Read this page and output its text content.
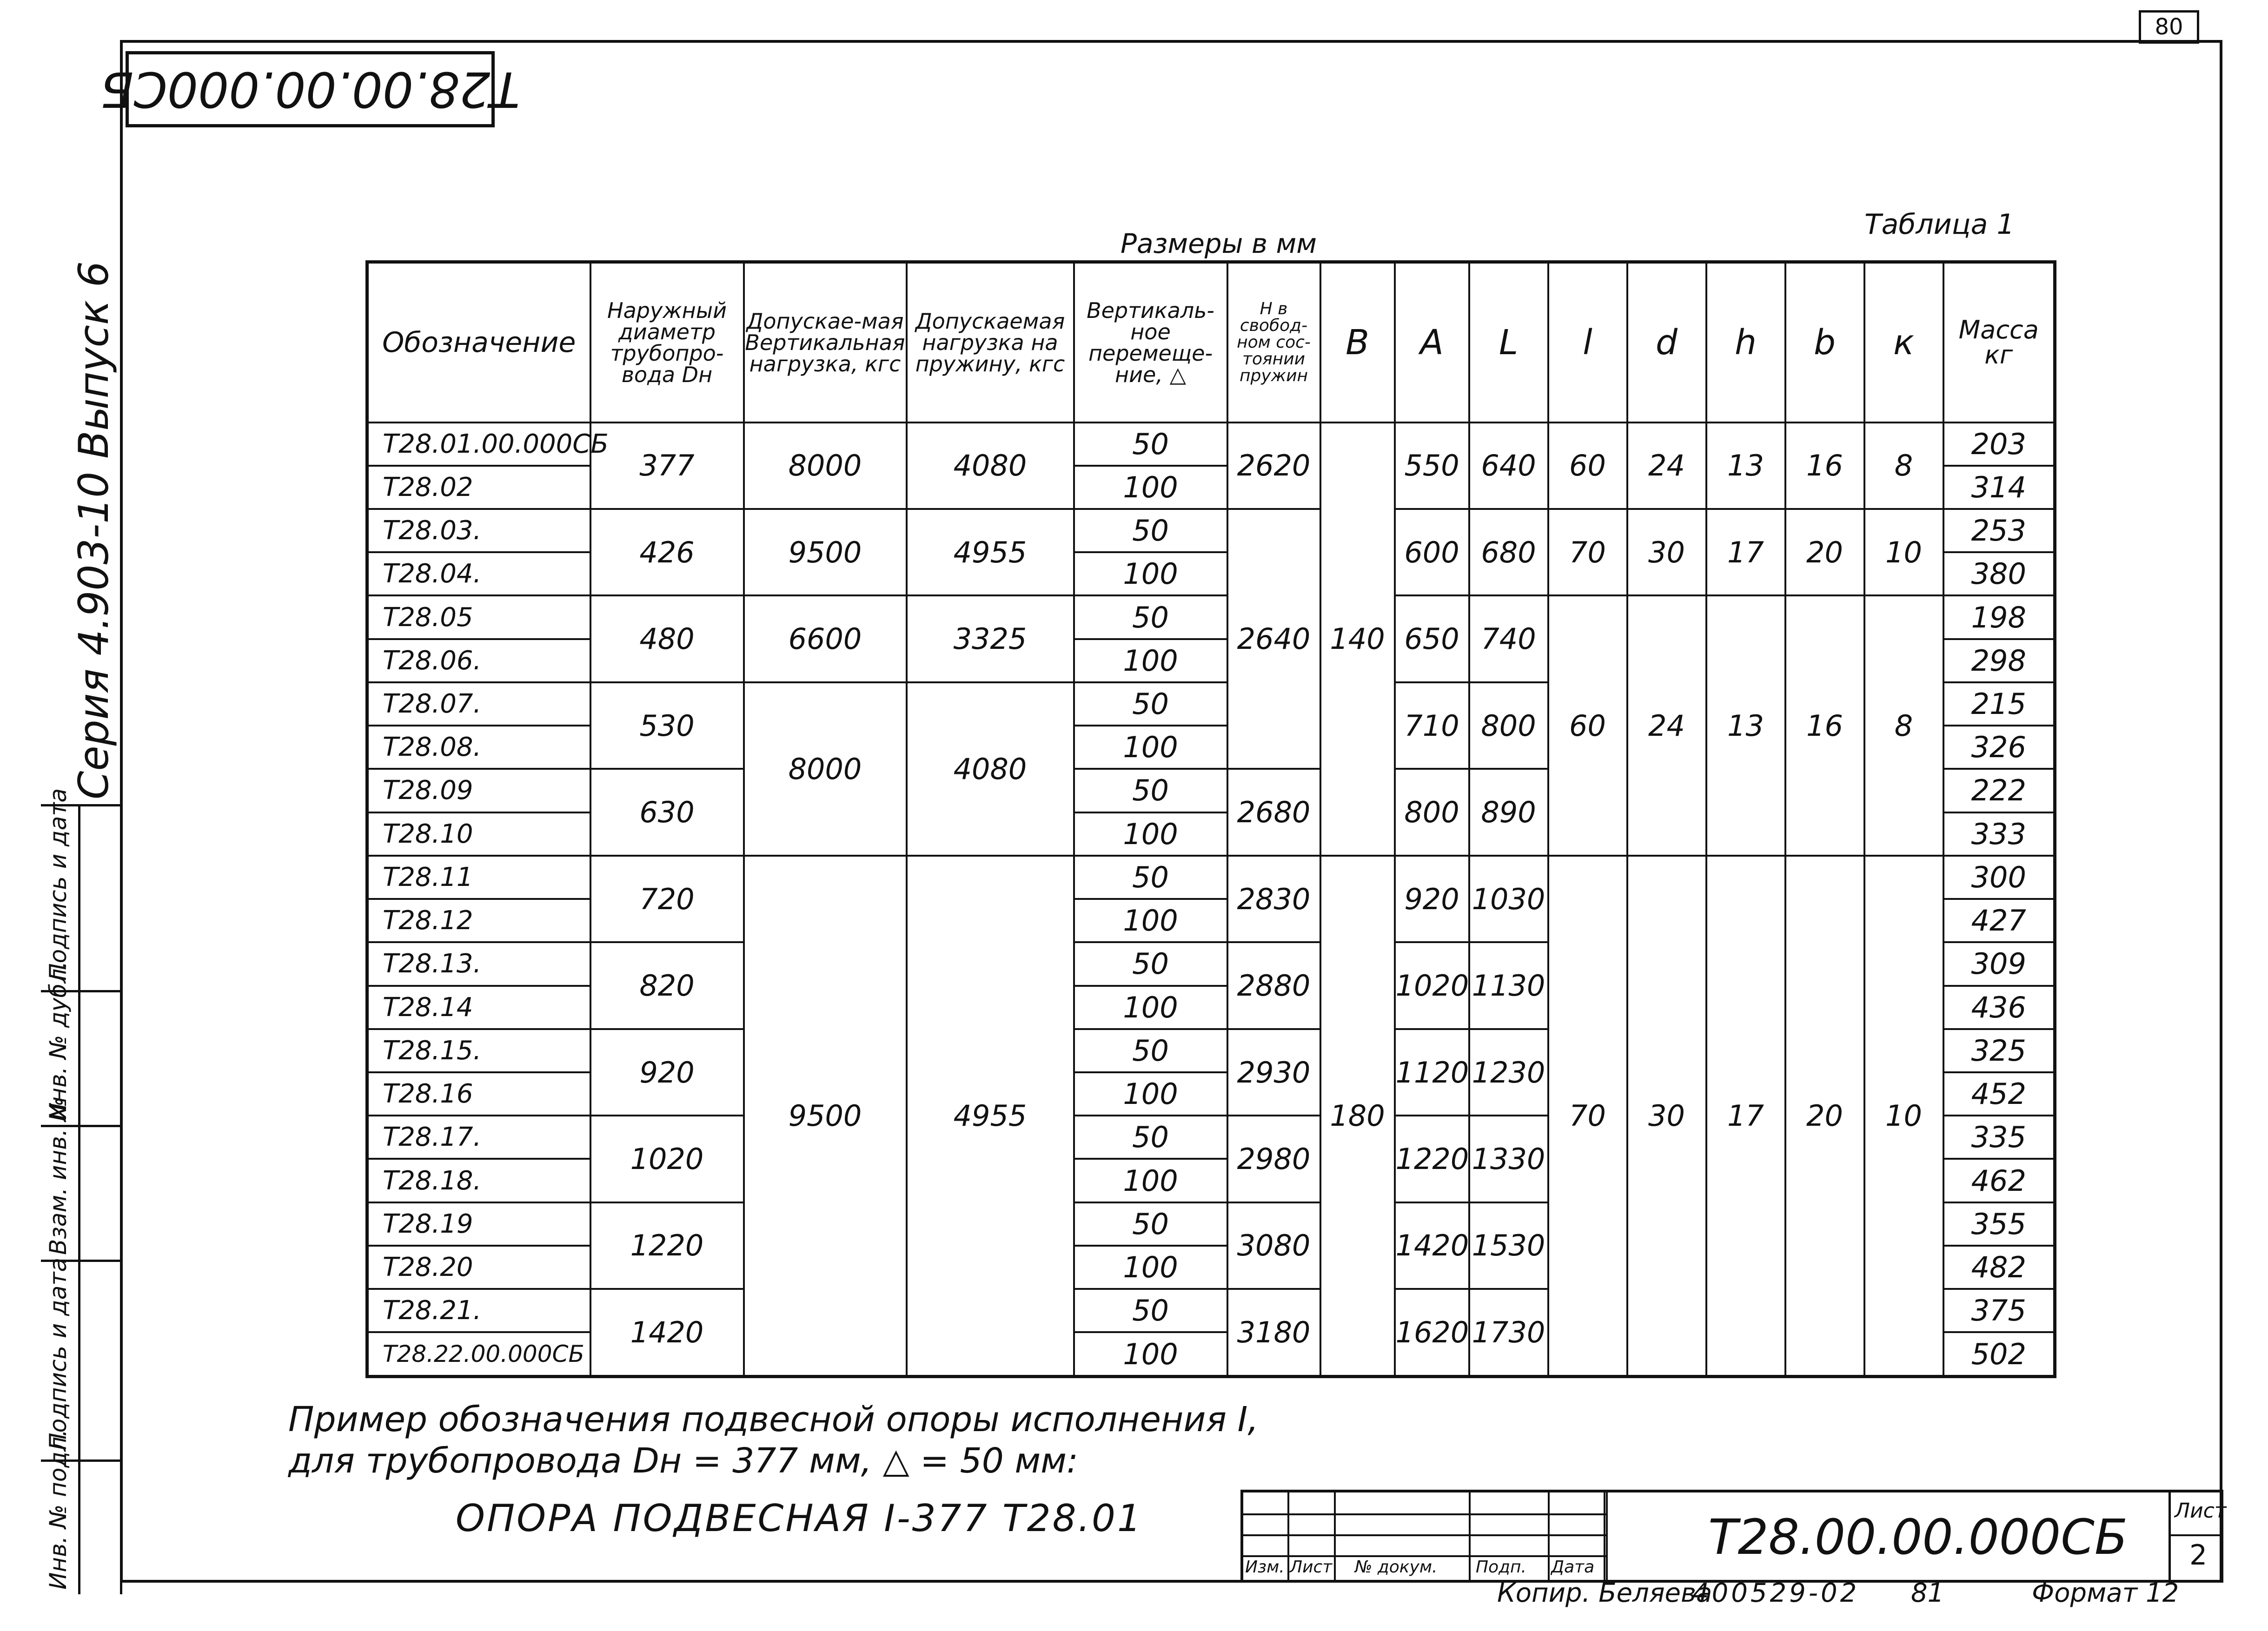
80
Т28.00.00.000СБ
Серия 4.903-10 Выпуск 6
Подпись и дата
Инв. № дубл.
Взам. инв. №
Подпись и дата
Инв. № подл.
Размеры в мм
Таблица 1
Обозначение	Наружный диаметр трубопро-вода Dн	Допускае-мая Вертикальная нагрузка, кгс	Допускаемая нагрузка на пружину, кгс	Вертикаль-ное перемеще-ние, △	H в свобод-ном сос-тоянии пружин	B	A	L	l	d	h	b	к	Масса кг
Т28.01.00.000СБ	377	8000	4080	50	2620	140	550	640	60	24	13	16	8	203
Т28.02				100										314
Т28.03.	426	9500	4955	50	2640		600	680	70	30	17	20	10	253
Т28.04.				100										380
Т28.05	480	6600	3325	50			650	740	60	24	13	16	8	198
Т28.06.				100										298
Т28.07.	530	8000	4080	50			710	800						215
Т28.08.				100										326
Т28.09	630			50	2680		800	890						222
Т28.10				100										333
Т28.11	720	9500	4955	50	2830	180	920	1030	70	30	17	20	10	300
Т28.12				100										427
Т28.13.	820			50	2880		1020	1130						309
Т28.14				100										436
Т28.15.	920			50	2930		1120	1230						325
Т28.16				100										452
Т28.17.	1020			50	2980		1220	1330						335
Т28.18.				100										462
Т28.19	1220			50	3080		1420	1530						355
Т28.20				100										482
Т28.21.	1420			50	3180		1620	1730						375
Т28.22.00.000СБ				100										502
Пример обозначения подвесной опоры исполнения I,
для трубопровода Dн = 377 мм, △ = 50 мм:
ОПОРА ПОДВЕСНАЯ I-377 Т28.01
Изм. Лист № докум. Подп. Дата
Т28.00.00.000СБ Лист
2
Копир. Беляева
400529-02 81	Формат 12
